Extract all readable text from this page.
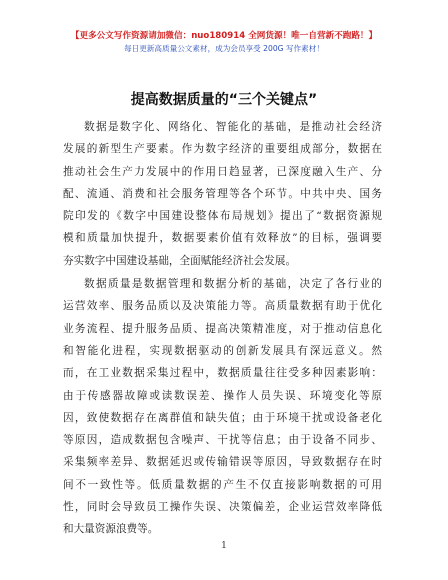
【更多公文写作资源请加微信：nuo180914 全网货源！唯一自营新不跑路！】
每日更新高质量公文素材，成为会员享受 200G 写作素材！
提高数据质量的“三个关键点”
数据是数字化、网络化、智能化的基础，是推动社会经济
发展的新型生产要素。作为数字经济的重要组成部分，数据在
推动社会生产力发展中的作用日趋显著，已深度融入生产、分
配、流通、消费和社会服务管理等各个环节。中共中央、国务
院印发的《数字中国建设整体布局规划》提出了“数据资源规
模和质量加快提升，数据要素价值有效释放”的目标，强调要
夯实数字中国建设基础，全面赋能经济社会发展。
数据质量是数据管理和数据分析的基础，决定了各行业的
运营效率、服务品质以及决策能力等。高质量数据有助于优化
业务流程、提升服务品质、提高决策精准度，对于推动信息化
和智能化进程，实现数据驱动的创新发展具有深远意义。然
而，在工业数据采集过程中，数据质量往往受多种因素影响：
由于传感器故障或读数误差、操作人员失误、环境变化等原
因，致使数据存在离群值和缺失值；由于环境干扰或设备老化
等原因，造成数据包含噪声、干扰等信息；由于设备不同步、
采集频率差异、数据延迟或传输错误等原因，导致数据存在时
间不一致性等。低质量数据的产生不仅直接影响数据的可用
性，同时会导致员工操作失误、决策偏差，企业运营效率降低
和大量资源浪费等。
1
